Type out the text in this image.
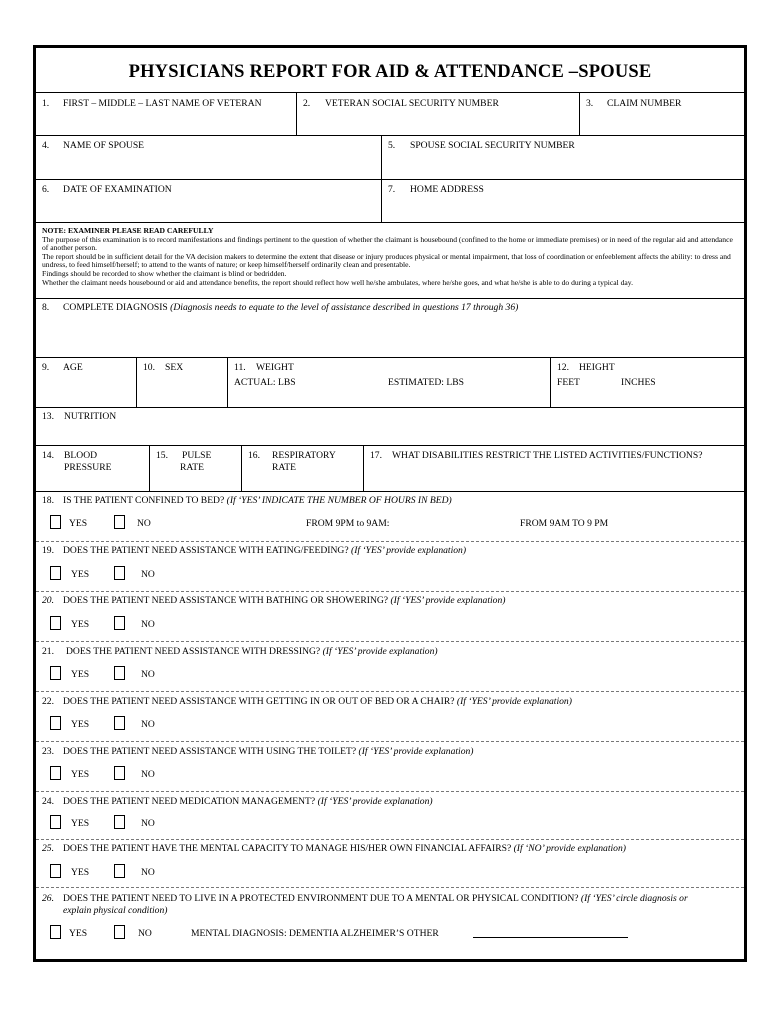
PHYSICIANS REPORT FOR AID & ATTENDANCE –SPOUSE
1. FIRST – MIDDLE – LAST NAME OF VETERAN	2. VETERAN SOCIAL SECURITY NUMBER	3. CLAIM NUMBER
4. NAME OF SPOUSE	5. SPOUSE SOCIAL SECURITY NUMBER
6. DATE OF EXAMINATION	7. HOME ADDRESS
NOTE: EXAMINER PLEASE READ CAREFULLY
The purpose of this examination is to record manifestations and findings pertinent to the question of whether the claimant is housebound (confined to the home or immediate premises) or in need of the regular aid and attendance of another person.
The report should be in sufficient detail for the VA decision makers to determine the extent that disease or injury produces physical or mental impairment, that loss of coordination or enfeeblement affects the ability: to dress and undress, to feed himself/herself; to attend to the wants of nature; or keep himself/herself ordinarily clean and presentable.
Findings should be recorded to show whether the claimant is blind or bedridden.
Whether the claimant needs housebound or aid and attendance benefits, the report should reflect how well he/she ambulates, where he/she goes, and what he/she is able to do during a typical day.
8. COMPLETE DIAGNOSIS (Diagnosis needs to equate to the level of assistance described in questions 17 through 36)
9. AGE	10. SEX	11. WEIGHT
ACTUAL: LBS	ESTIMATED: LBS
12. HEIGHT
FEET	INCHES
13. NUTRITION
14. BLOOD
PRESSURE
15. PULSE
RATE
16. RESPIRATORY
RATE
17. WHAT DISABILITIES RESTRICT THE LISTED ACTIVITIES/FUNCTIONS?
18. IS THE PATIENT CONFINED TO BED? (If ‘YES’ INDICATE THE NUMBER OF HOURS IN BED)
YES	NO	FROM 9PM to 9AM:	FROM 9AM TO 9 PM
19. DOES THE PATIENT NEED ASSISTANCE WITH EATING/FEEDING? (If ‘YES’ provide explanation)
YES	NO
20. DOES THE PATIENT NEED ASSISTANCE WITH BATHING OR SHOWERING? (If ‘YES’ provide explanation)
YES	NO
21. DOES THE PATIENT NEED ASSISTANCE WITH DRESSING? (If ‘YES’ provide explanation)
YES	NO
22. DOES THE PATIENT NEED ASSISTANCE WITH GETTING IN OR OUT OF BED OR A CHAIR? (If ‘YES’ provide explanation)
YES	NO
23. DOES THE PATIENT NEED ASSISTANCE WITH USING THE TOILET? (If ‘YES’ provide explanation)
YES	NO
24. DOES THE PATIENT NEED MEDICATION MANAGEMENT? (If ‘YES’ provide explanation)
YES	NO
25. DOES THE PATIENT HAVE THE MENTAL CAPACITY TO MANAGE HIS/HER OWN FINANCIAL AFFAIRS? (If ‘NO’ provide explanation)
YES	NO
26. DOES THE PATIENT NEED TO LIVE IN A PROTECTED ENVIRONMENT DUE TO A MENTAL OR PHYSICAL CONDITION? (If ‘YES’ circle diagnosis or
explain physical condition)
YES	NO	MENTAL DIAGNOSIS: DEMENTIA ALZHEIMER’S OTHER
